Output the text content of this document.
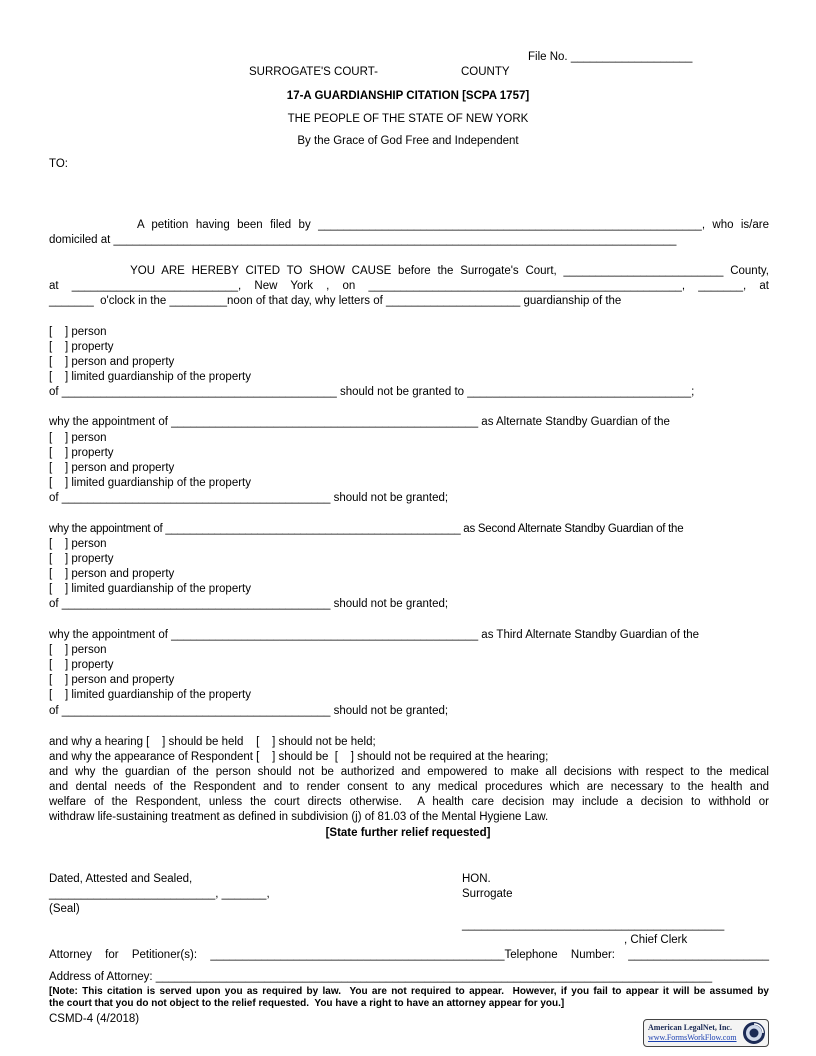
File No. ___________________
SURROGATE'S COURT-                          COUNTY
17-A GUARDIANSHIP CITATION [SCPA 1757]
THE PEOPLE OF THE STATE OF NEW YORK
By the Grace of God Free and Independent
TO:
A petition having been filed by ____________________________________________________________, who is/are
domiciled at ________________________________________________________________________________________
YOU ARE HEREBY CITED TO SHOW CAUSE before the Surrogate's Court, _________________________ County,
at __________________________, New York , on _________________________________________________, _______, at
_______  o'clock in the _________noon of that day, why letters of _____________________ guardianship of the
[    ] person
[    ] property
[    ] person and property
[    ] limited guardianship of the property
of ___________________________________________ should not be granted to ___________________________________;
why the appointment of ________________________________________________ as Alternate Standby Guardian of the
[    ] person
[    ] property
[    ] person and property
[    ] limited guardianship of the property
of __________________________________________ should not be granted;
why the appointment of ________________________________________________ as Second Alternate Standby Guardian of the
[    ] person
[    ] property
[    ] person and property
[    ] limited guardianship of the property
of __________________________________________ should not be granted;
why the appointment of ________________________________________________ as Third Alternate Standby Guardian of the
[    ] person
[    ] property
[    ] person and property
[    ] limited guardianship of the property
of __________________________________________ should not be granted;
and why a hearing [    ] should be held    [    ] should not be held;
and why the appearance of Respondent [    ] should be  [    ] should not be required at the hearing;
and why the guardian of the person should not be authorized and empowered to make all decisions with respect to the medical
and dental needs of the Respondent and to render consent to any medical procedures which are necessary to the health and
welfare of the Respondent, unless the court directs otherwise.  A health care decision may include a decision to withhold or
withdraw life-sustaining treatment as defined in subdivision (j) of 81.03 of the Mental Hygiene Law.
[State further relief requested]
Dated, Attested and Sealed,
__________________________, _______,
(Seal)
HON.
Surrogate
_________________________________________
, Chief Clerk
Attorney for Petitioner(s): ______________________________________________Telephone Number: ______________________
Address of Attorney: _______________________________________________________________________________________
[Note: This citation is served upon you as required by law.  You are not required to appear.  However, if you fail to appear it will be assumed by
the court that you do not object to the relief requested.  You have a right to have an attorney appear for you.]
CSMD-4 (4/2018)
American LegalNet, Inc.
www.FormsWorkFlow.com
